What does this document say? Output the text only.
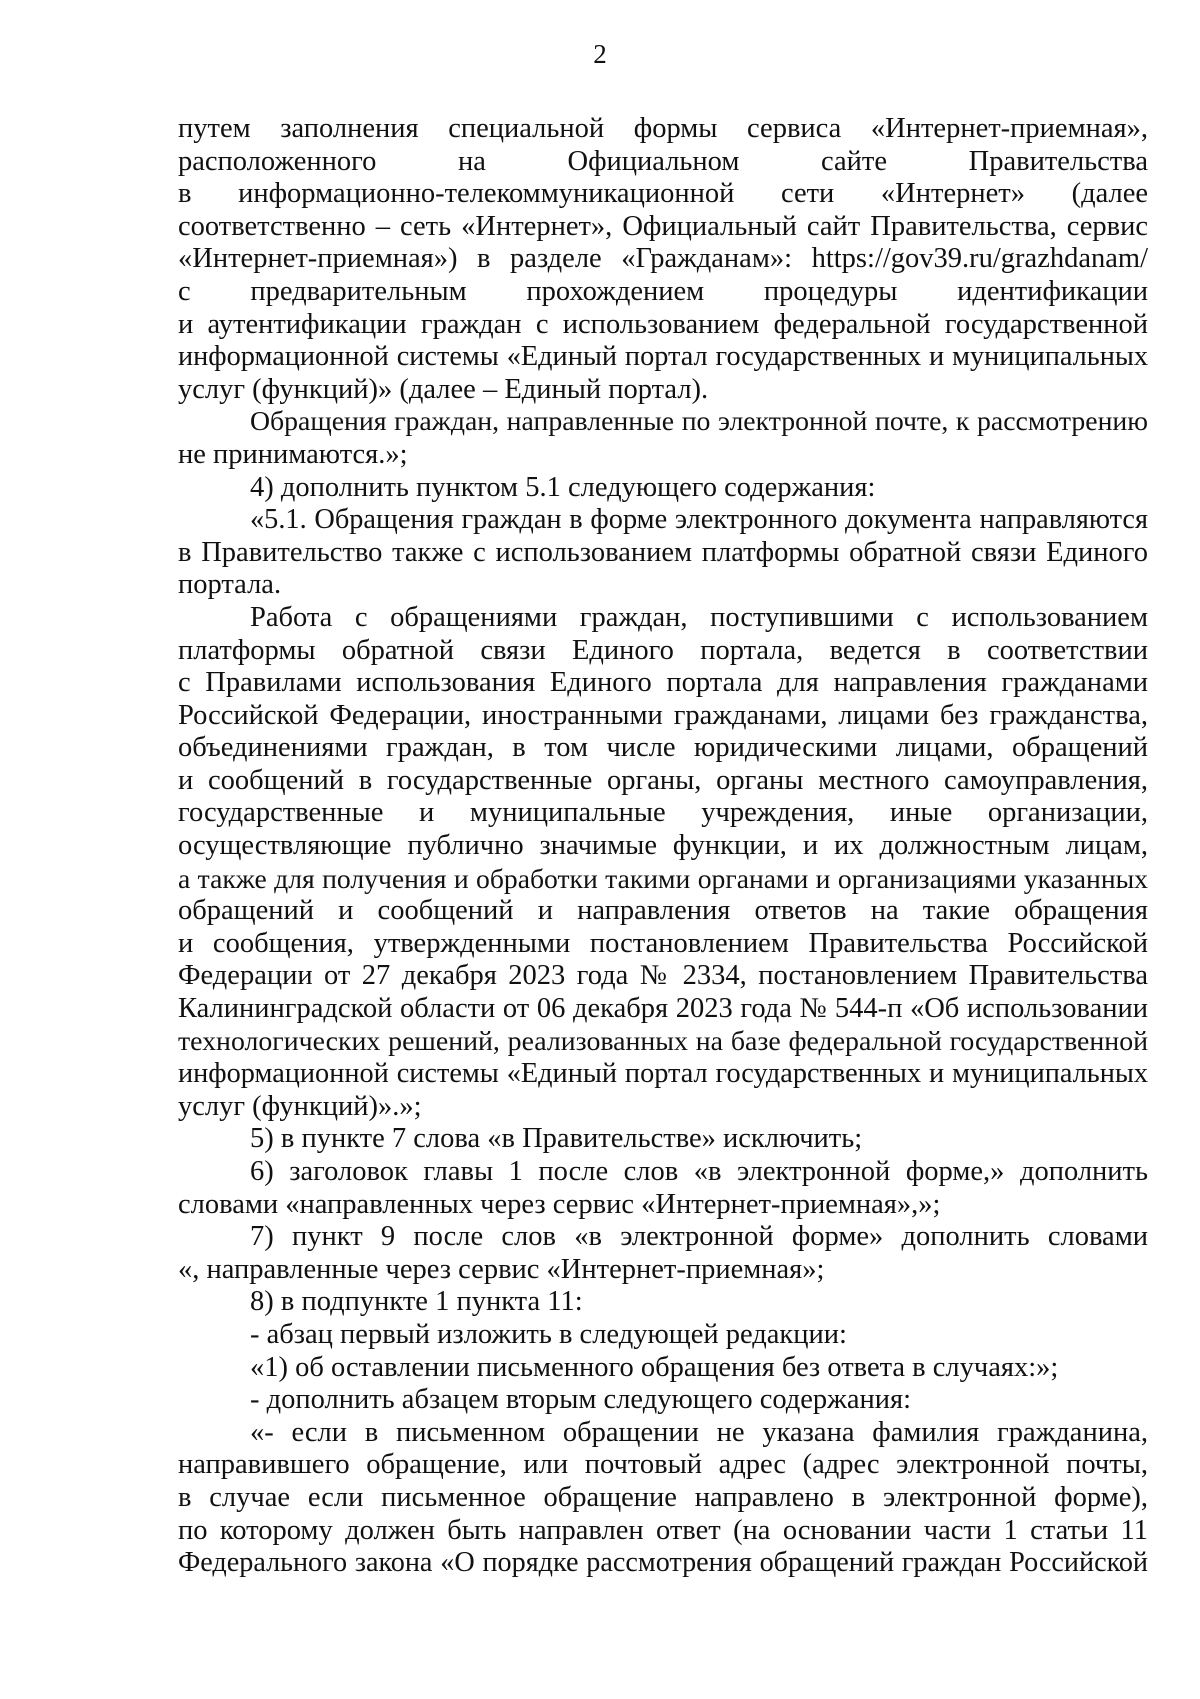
2

путем заполнения специальной формы сервиса «Интернет-приемная»,

расположенного на Официальном сайте Правительства

в информационно-телекоммуникационной сети «Интернет» (далее

соответственно – сеть «Интернет», Официальный сайт Правительства, сервис

«Интернет-приемная») в разделе «Гражданам»: https://gov39.ru/grazhdanam/

с предварительным прохождением процедуры идентификации

и аутентификации граждан с использованием федеральной государственной

информационной системы «Единый портал государственных и муниципальных

услуг (функций)» (далее – Единый портал).

Обращения граждан, направленные по электронной почте, к рассмотрению

не принимаются.»;

4) дополнить пунктом 5.1 следующего содержания:

«5.1. Обращения граждан в форме электронного документа направляются

в Правительство также с использованием платформы обратной связи Единого

портала.

Работа с обращениями граждан, поступившими с использованием

платформы обратной связи Единого портала, ведется в соответствии

с Правилами использования Единого портала для направления гражданами

Российской Федерации, иностранными гражданами, лицами без гражданства,

объединениями граждан, в том числе юридическими лицами, обращений

и сообщений в государственные органы, органы местного самоуправления,

государственные и муниципальные учреждения, иные организации,

осуществляющие публично значимые функции, и их должностным лицам,

а также для получения и обработки такими органами и организациями указанных

обращений и сообщений и направления ответов на такие обращения

и сообщения, утвержденными постановлением Правительства Российской

Федерации от 27 декабря 2023 года № 2334, постановлением Правительства

Калининградской области от 06 декабря 2023 года № 544-п «Об использовании

технологических решений, реализованных на базе федеральной государственной

информационной системы «Единый портал государственных и муниципальных

услуг (функций)».»;

5) в пункте 7 слова «в Правительстве» исключить;

6) заголовок главы 1 после слов «в электронной форме,» дополнить

словами «направленных через сервис «Интернет-приемная»,»;

7) пункт 9 после слов «в электронной форме» дополнить словами

«, направленные через сервис «Интернет-приемная»;

8) в подпункте 1 пункта 11:

- абзац первый изложить в следующей редакции:

«1) об оставлении письменного обращения без ответа в случаях:»;

- дополнить абзацем вторым следующего содержания:

«- если в письменном обращении не указана фамилия гражданина,

направившего обращение, или почтовый адрес (адрес электронной почты,

в случае если письменное обращение направлено в электронной форме),

по которому должен быть направлен ответ (на основании части 1 статьи 11

Федерального закона «О порядке рассмотрения обращений граждан Российской
